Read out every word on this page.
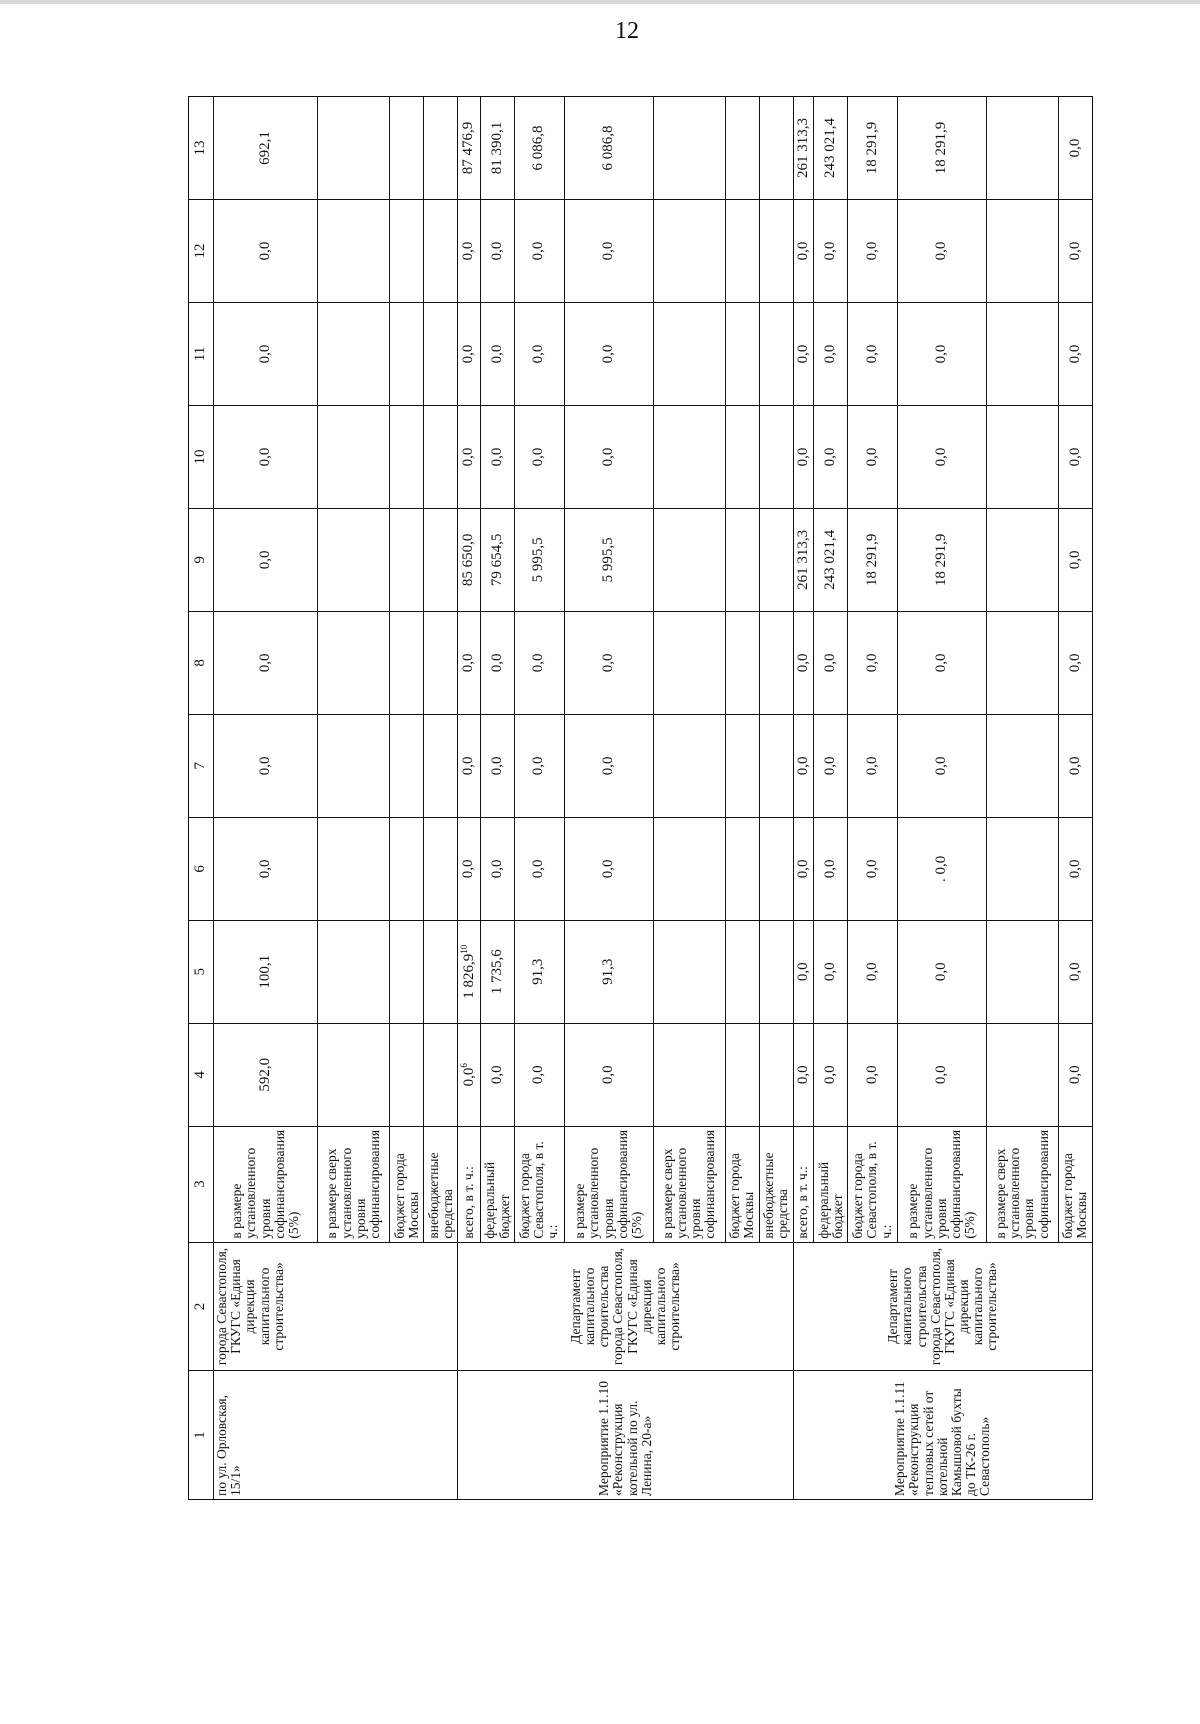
12
1	2	3	4	5	6	7	8	9	10	11	12	13
по ул. Орловская, 15/1»	города Севастополя, ГКУГС «Единая дирекция капитального строительства»	в размере установленного уровня софинансирования (5%)	592,0	100,1	0,0	0,0	0,0	0,0	0,0	0,0	0,0	692,1
		в размере сверх установленного уровня софинансирования										
		бюджет города Москвы										
		внебюджетные средства										
Мероприятие 1.1.10 «Реконструкция котельной по ул. Ленина, 20-а»	Департамент капитального строительства города Севастополя, ГКУГС «Единая дирекция капитального строительства»	всего, в т. ч.:	$0,0^6$	1 826,9$^{10}$	0,0	0,0	0,0	85 650,0	0,0	0,0	0,0	87 476,9
		федеральный бюджет	0,0	1 735,6	0,0	0,0	0,0	79 654,5	0,0	0,0	0,0	81 390,1
		бюджет города Севастополя, в т. ч.:	0,0	91,3	0,0	0,0	0,0	5 995,5	0,0	0,0	0,0	6 086,8
		в размере установленного уровня софинансирования (5%)	0,0	91,3	0,0	0,0	0,0	5 995,5	0,0	0,0	0,0	6 086,8
		в размере сверх установленного уровня софинансирования										
		бюджет города Москвы										
		внебюджетные средства										
Мероприятие 1.1.11 «Реконструкция тепловых сетей от котельной Камышовой бухты до ТК-26 г. Севастополь»	Департамент капитального строительства города Севастополя, ГКУГС «Единая дирекция капитального строительства»	всего, в т. ч.:	0,0	0,0	0,0	0,0	0,0	261 313,3	0,0	0,0	0,0	261 313,3
		федеральный бюджет	0,0	0,0	0,0	0,0	0,0	243 021,4	0,0	0,0	0,0	243 021,4
		бюджет города Севастополя, в т. ч.:	0,0	0,0	0,0	0,0	0,0	18 291,9	0,0	0,0	0,0	18 291,9
		в размере установленного уровня софинансирования (5%)	0,0	0,0	. 0,0	0,0	0,0	18 291,9	0,0	0,0	0,0	18 291,9
		в размере сверх установленного уровня софинансирования										
		бюджет города Москвы	0,0	0,0	0,0	0,0	0,0	0,0	0,0	0,0	0,0	0,0
